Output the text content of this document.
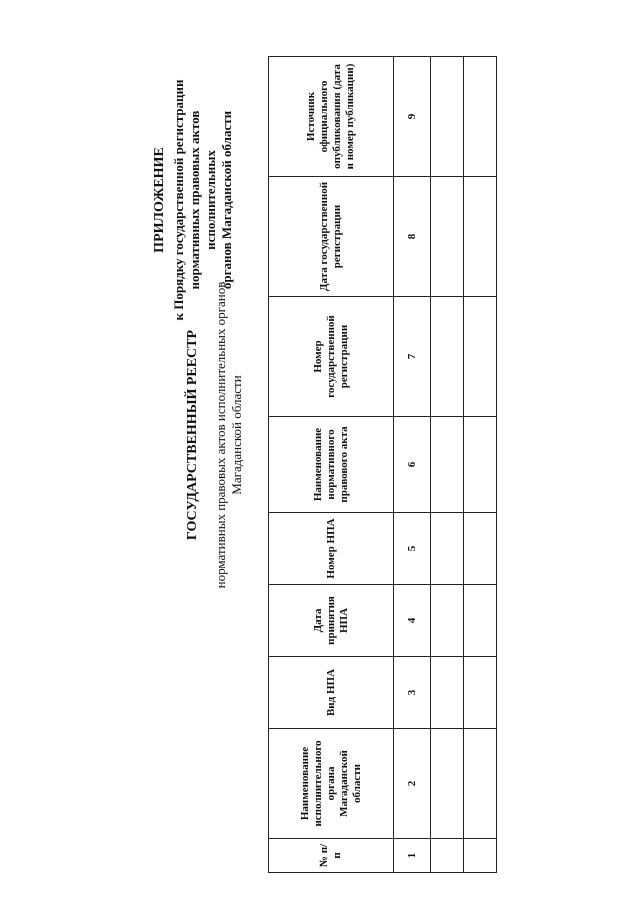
ПРИЛОЖЕНИЕ к Порядку государственной регистрации нормативных правовых актов исполнительных органов Магаданской области
ГОСУДАРСТВЕННЫЙ РЕЕСТР нормативных правовых актов исполнительных органов Магаданской области
№ п/п	Наименование исполнительного органа Магаданской области	Вид НПА	Дата принятия НПА	Номер НПА	Наименование нормативного правового акта	Номер государственной регистрации	Дата государственной регистрации	Источник официального опубликования (дата и номер публикации)
1	2	3	4	5	6	7	8	9
